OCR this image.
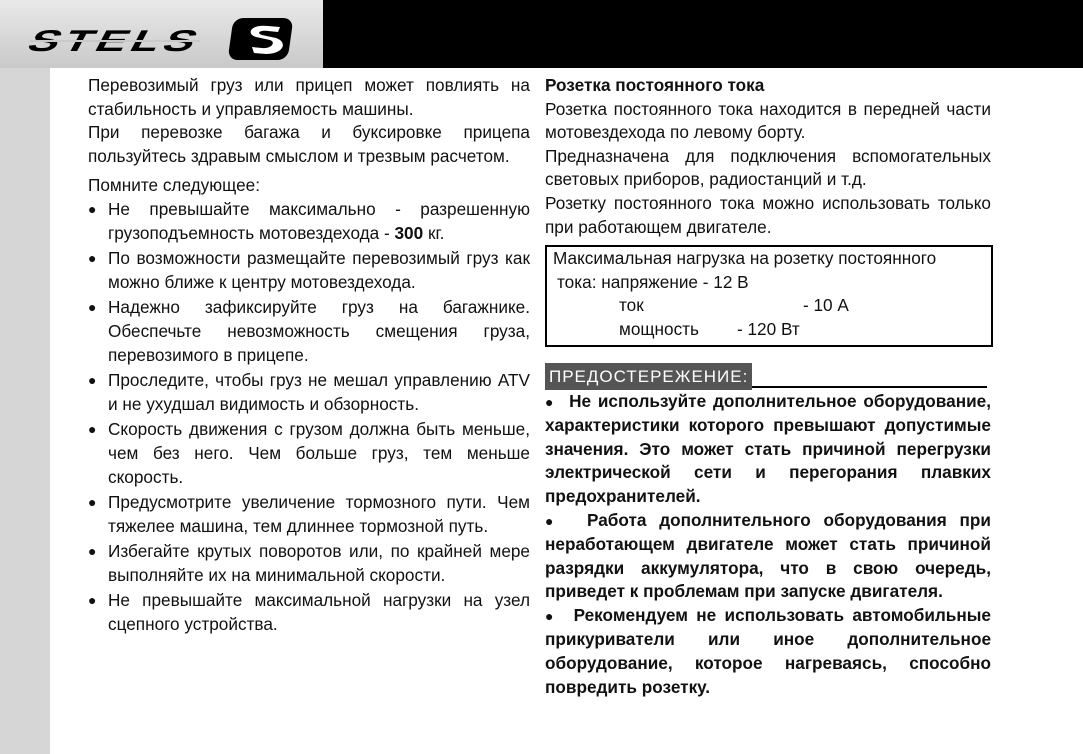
STELS

Перевозимый груз или прицеп может повлиять на стабильность и управляемость машины.

При перевозке багажа и буксировке прицепа пользуйтесь здравым смыслом и трезвым расчетом.

Помните следующее:

● Не превышайте максимально - разрешенную грузоподъемность мотовездехода - 300 кг.
● По возможности размещайте перевозимый груз как можно ближе к центру мотовездехода.
● Надежно зафиксируйте груз на багажнике. Обеспечьте невозможность смещения груза, перевозимого в прицепе.
● Проследите, чтобы груз не мешал управлению ATV и не ухудшал видимость и обзорность.
● Скорость движения с грузом должна быть меньше, чем без него. Чем больше груз, тем меньше скорость.
● Предусмотрите увеличение тормозного пути. Чем тяжелее машина, тем длиннее тормозной путь.
● Избегайте крутых поворотов или, по крайней мере выполняйте их на минимальной скорости.
● Не превышайте максимальной нагрузки на узел сцепного устройства.

Розетка постоянного тока

Розетка постоянного тока находится в передней части мотовездехода по левому борту.

Предназначена для подключения вспомогательных световых приборов, радиостанций и т.д.

Розетку постоянного тока можно использовать только при работающем двигателе.

Максимальная нагрузка на розетку постоянного
тока: напряжение
- 12 В
ток	- 10 А
мощность	- 120 Вт
ПРЕДОСТЕРЕЖЕНИЕ:

● Не используйте дополнительное оборудование, характеристики которого превышают допустимые значения. Это может стать причиной перегрузки электрической сети и перегорания плавких предохранителей.

● Работа дополнительного оборудования при неработающем двигателе может стать причиной разрядки аккумулятора, что в свою очередь, приведет к проблемам при запуске двигателя.

● Рекомендуем не использовать автомобильные прикуриватели или иное дополнительное оборудование, которое нагреваясь, способно повредить розетку.
